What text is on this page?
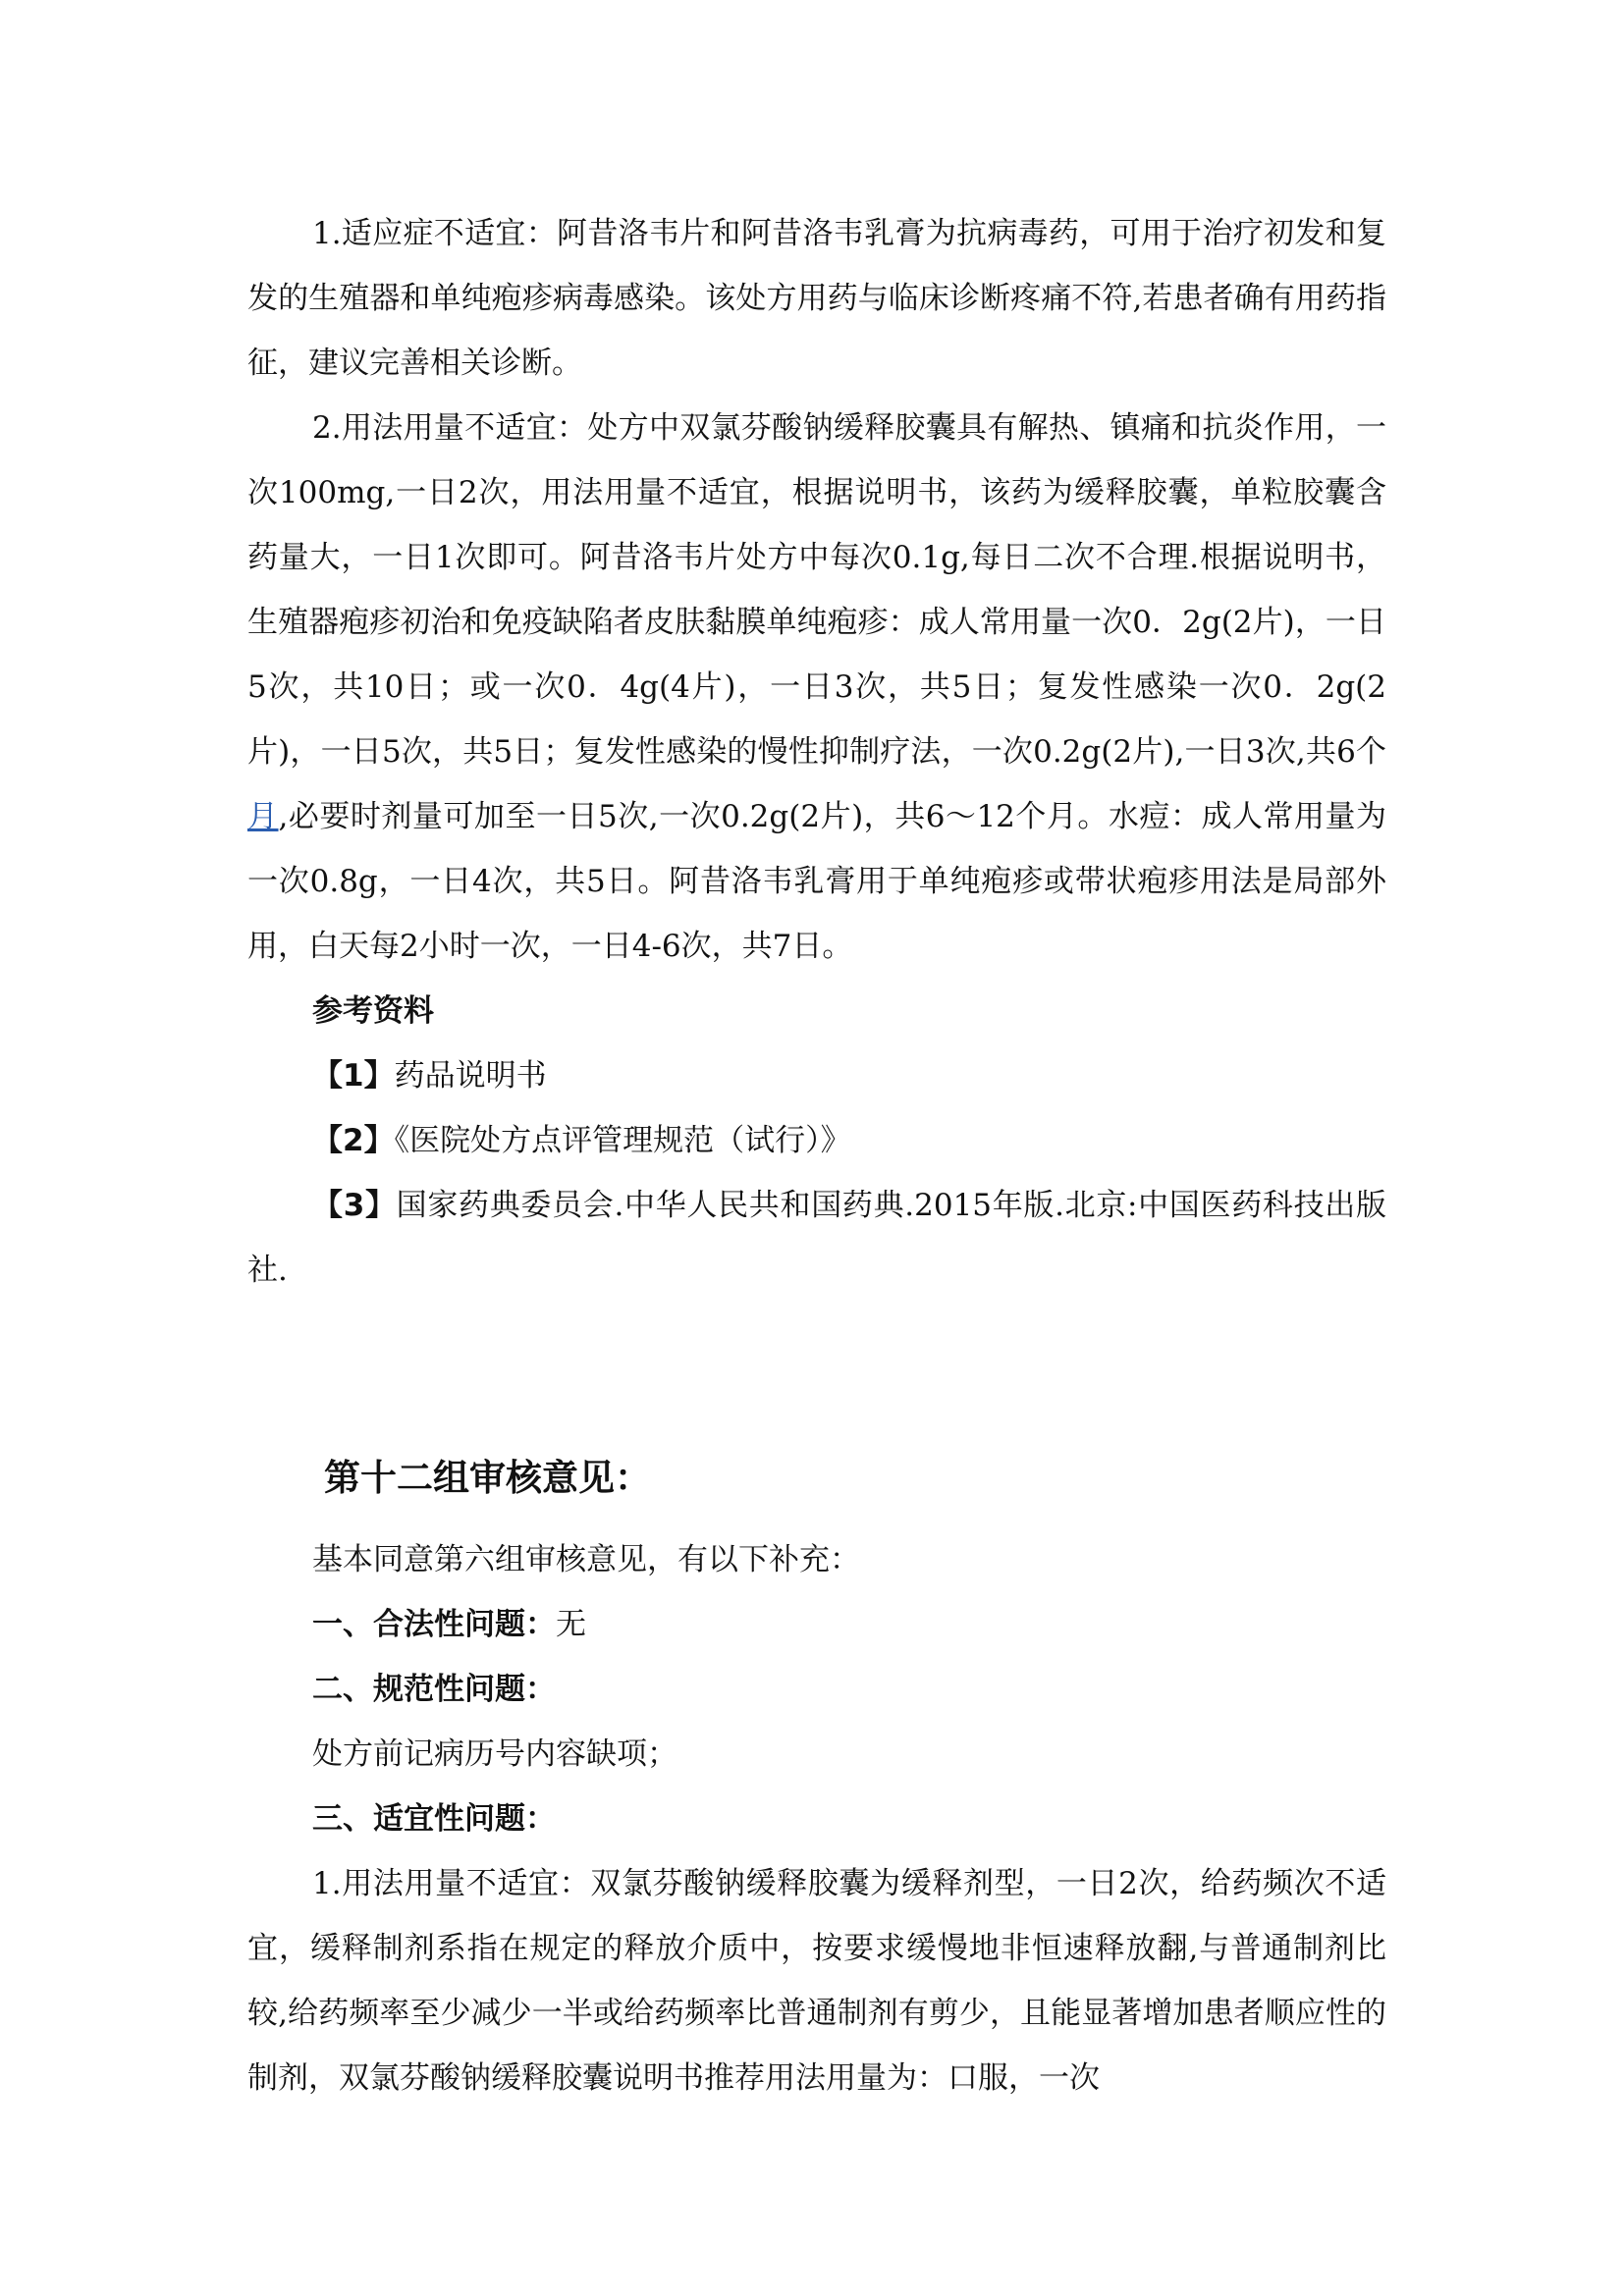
1.适应症不适宜：阿昔洛韦片和阿昔洛韦乳膏为抗病毒药，可用于治疗初发和复发的生殖器和单纯疱疹病毒感染。该处方用药与临床诊断疼痛不符,若患者确有用药指征，建议完善相关诊断。

2.用法用量不适宜：处方中双氯芬酸钠缓释胶囊具有解热、镇痛和抗炎作用，一次100mg,一日2次，用法用量不适宜，根据说明书，该药为缓释胶囊，单粒胶囊含药量大，一日1次即可。阿昔洛韦片处方中每次0.1g,每日二次不合理.根据说明书，生殖器疱疹初治和免疫缺陷者皮肤黏膜单纯疱疹：成人常用量一次0．2g(2片)，一日5次，共10日；或一次0．4g(4片)，一日3次，共5日；复发性感染一次0．2g(2片)，一日5次，共5日；复发性感染的慢性抑制疗法，一次0.2g(2片),一日3次,共6个月,必要时剂量可加至一日5次,一次0.2g(2片)，共6～12个月。水痘：成人常用量为一次0.8g，一日4次，共5日。阿昔洛韦乳膏用于单纯疱疹或带状疱疹用法是局部外用，白天每2小时一次，一日4-6次，共7日。

参考资料

【1】药品说明书

【2】《医院处方点评管理规范（试行）》

【3】国家药典委员会.中华人民共和国药典.2015年版.北京:中国医药科技出版社.

第十二组审核意见：

基本同意第六组审核意见，有以下补充：

一、合法性问题：无

二、规范性问题：

处方前记病历号内容缺项；

三、适宜性问题：

1.用法用量不适宜：双氯芬酸钠缓释胶囊为缓释剂型，一日2次，给药频次不适宜，缓释制剂系指在规定的释放介质中，按要求缓慢地非恒速释放翻,与普通制剂比较,给药频率至少减少一半或给药频率比普通制剂有剪少，且能显著增加患者顺应性的制剂，双氯芬酸钠缓释胶囊说明书推荐用法用量为：口服，一次
